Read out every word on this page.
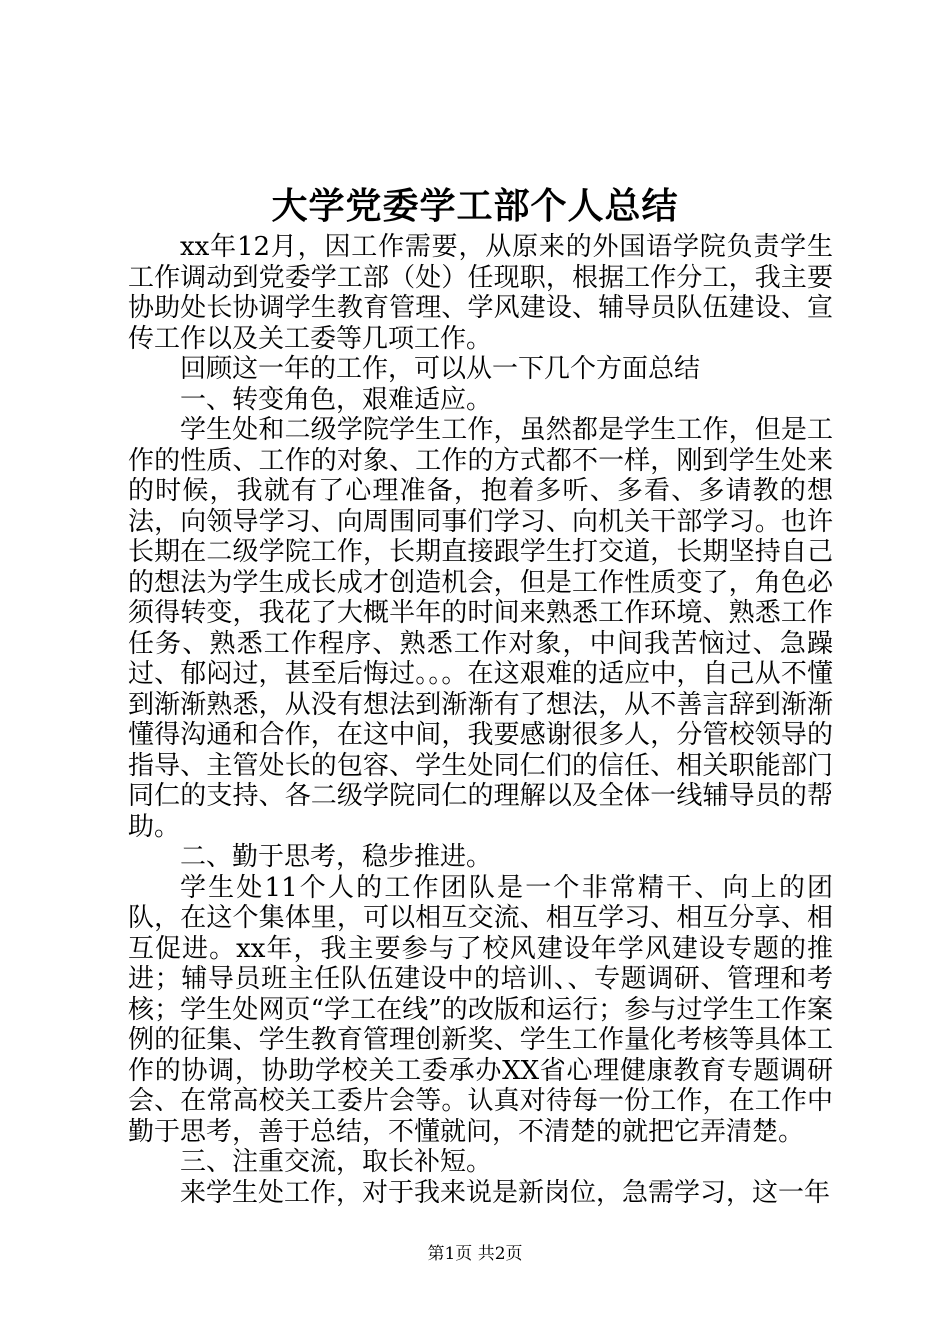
大学党委学工部个人总结

xx年12月，因工作需要，从原来的外国语学院负责学生工作调动到党委学工部（处）任现职，根据工作分工，我主要协助处长协调学生教育管理、学风建设、辅导员队伍建设、宣传工作以及关工委等几项工作。

回顾这一年的工作，可以从一下几个方面总结

一、转变角色，艰难适应。

学生处和二级学院学生工作，虽然都是学生工作，但是工作的性质、工作的对象、工作的方式都不一样，刚到学生处来的时候，我就有了心理准备，抱着多听、多看、多请教的想法，向领导学习、向周围同事们学习、向机关干部学习。也许长期在二级学院工作，长期直接跟学生打交道，长期坚持自己的想法为学生成长成才创造机会，但是工作性质变了，角色必须得转变，我花了大概半年的时间来熟悉工作环境、熟悉工作任务、熟悉工作程序、熟悉工作对象，中间我苦恼过、急躁过、郁闷过，甚至后悔过。。。在这艰难的适应中，自己从不懂到渐渐熟悉，从没有想法到渐渐有了想法，从不善言辞到渐渐懂得沟通和合作，在这中间，我要感谢很多人，分管校领导的指导、主管处长的包容、学生处同仁们的信任、相关职能部门同仁的支持、各二级学院同仁的理解以及全体一线辅导员的帮助。

二、勤于思考，稳步推进。

学生处11个人的工作团队是一个非常精干、向上的团队，在这个集体里，可以相互交流、相互学习、相互分享、相互促进。xx年，我主要参与了校风建设年学风建设专题的推进；辅导员班主任队伍建设中的培训、、专题调研、管理和考核；学生处网页“学工在线”的改版和运行；参与过学生工作案例的征集、学生教育管理创新奖、学生工作量化考核等具体工作的协调，协助学校关工委承办XX省心理健康教育专题调研会、在常高校关工委片会等。认真对待每一份工作，在工作中勤于思考，善于总结，不懂就问，不清楚的就把它弄清楚。

三、注重交流，取长补短。

来学生处工作，对于我来说是新岗位，急需学习，这一年

第1页 共2页
